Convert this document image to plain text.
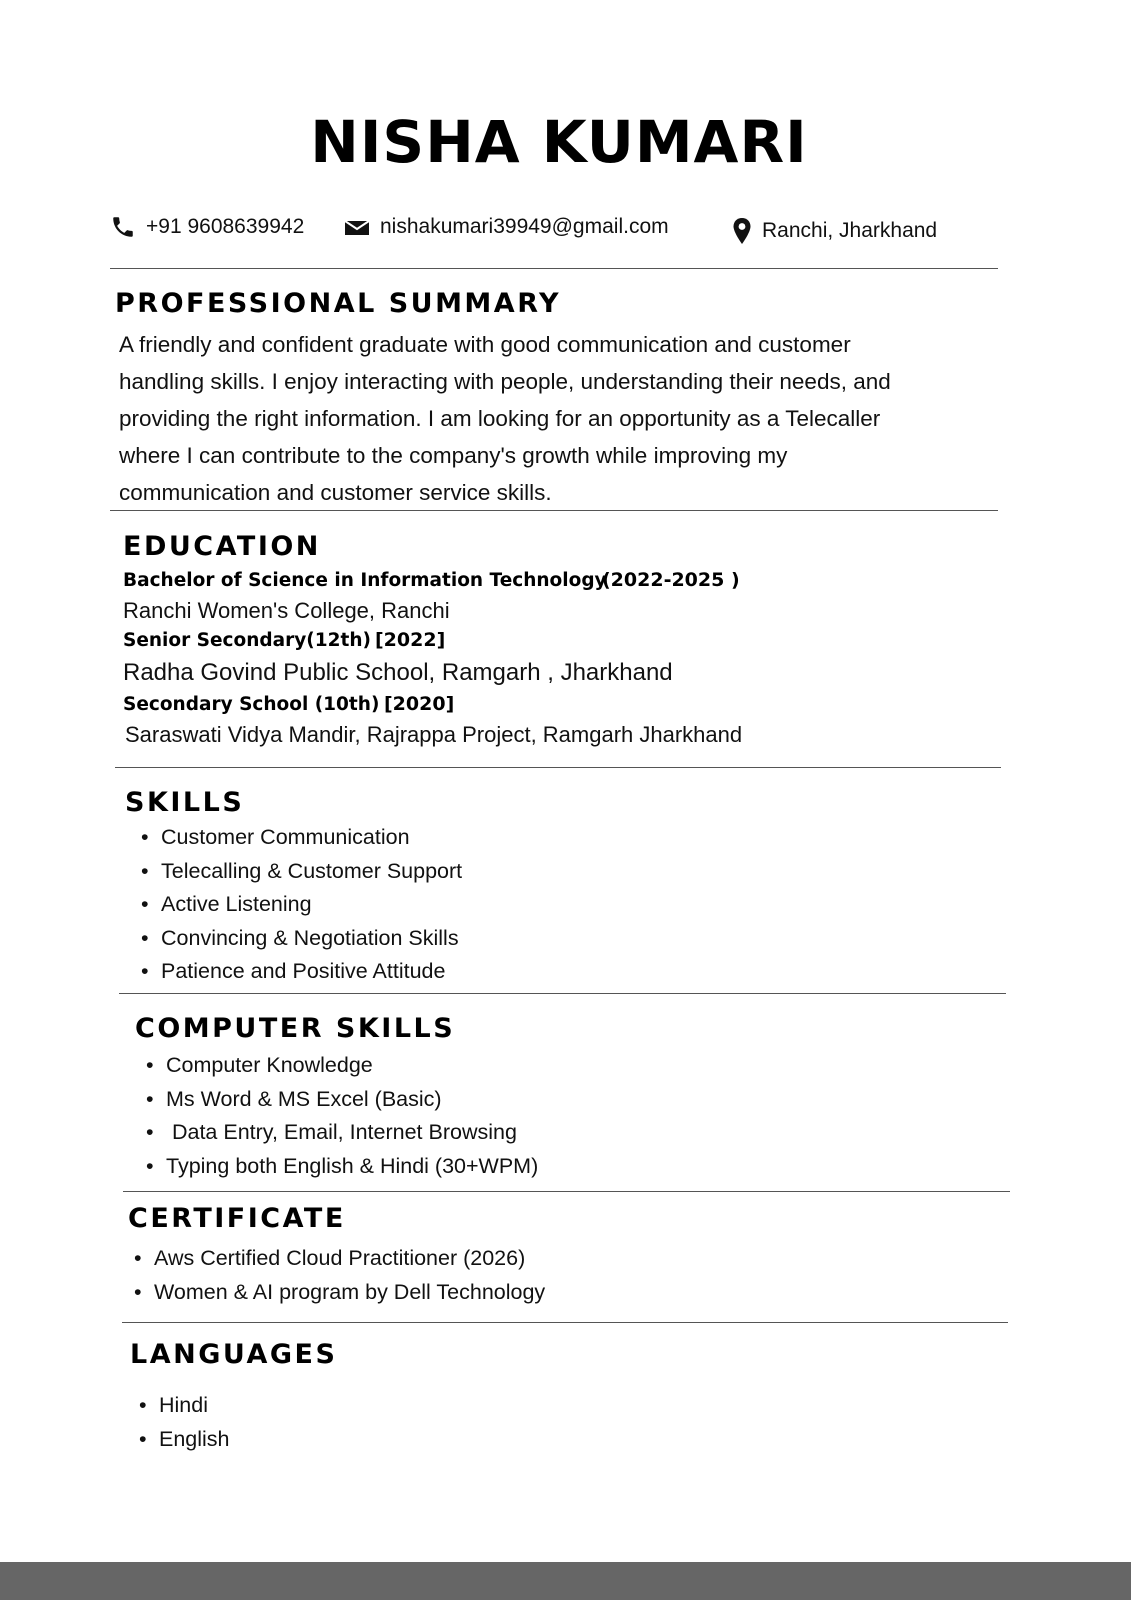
NISHA KUMARI
+91 9608639942	nishakumari39949@gmail.com	Ranchi, Jharkhand
PROFESSIONAL SUMMARY
A friendly and confident graduate with good communication and customer
handling skills. I enjoy interacting with people, understanding their needs, and
providing the right information. I am looking for an opportunity as a Telecaller
where I can contribute to the company's growth while improving my
communication and customer service skills.
EDUCATION
Bachelor of Science in Information Technology
(2022-2025 )
Ranchi Women's College, Ranchi
Senior Secondary(12th) [2022]
Radha Govind Public School, Ramgarh , Jharkhand
Secondary School (10th) [2020]
Saraswati Vidya Mandir, Rajrappa Project, Ramgarh Jharkhand
SKILLS
• Customer Communication
• Telecalling & Customer Support
• Active Listening
• Convincing & Negotiation Skills
• Patience and Positive Attitude
COMPUTER SKILLS
• Computer Knowledge
• Ms Word & MS Excel (Basic)
•  Data Entry, Email, Internet Browsing
• Typing both English & Hindi (30+WPM)
CERTIFICATE
• Aws Certified Cloud Practitioner (2026)
• Women & AI program by Dell Technology
LANGUAGES
• Hindi
• English
